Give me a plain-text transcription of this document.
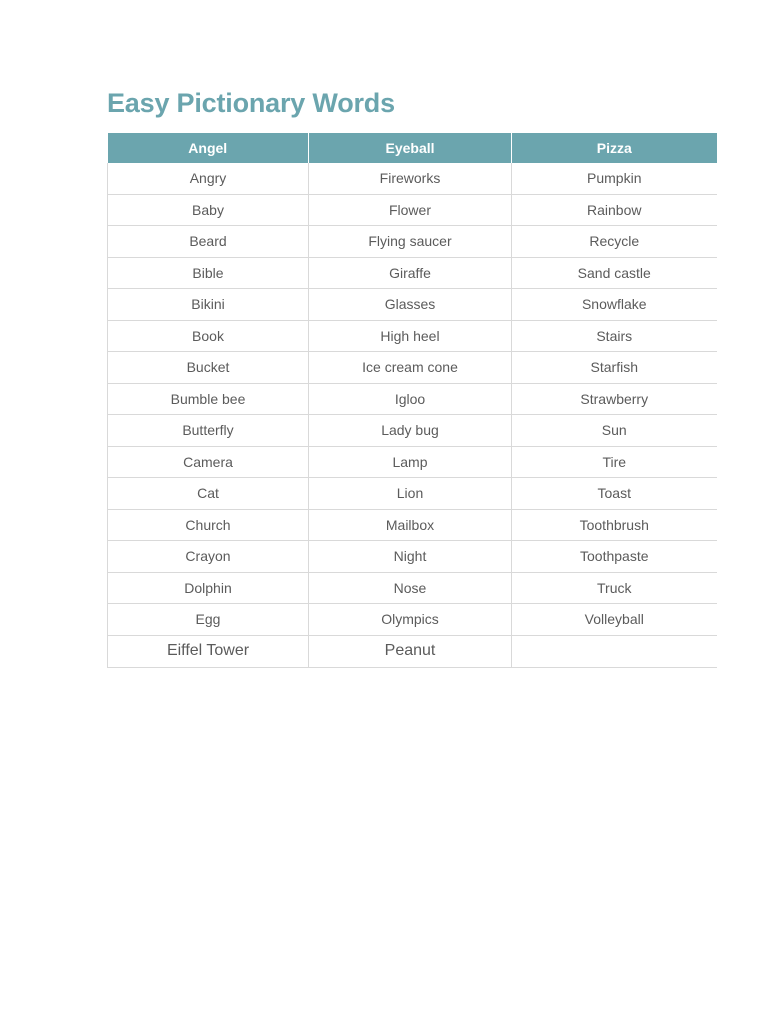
Easy Pictionary Words
Angel	Eyeball	Pizza
Angry	Fireworks	Pumpkin
Baby	Flower	Rainbow
Beard	Flying saucer	Recycle
Bible	Giraffe	Sand castle
Bikini	Glasses	Snowflake
Book	High heel	Stairs
Bucket	Ice cream cone	Starfish
Bumble bee	Igloo	Strawberry
Butterfly	Lady bug	Sun
Camera	Lamp	Tire
Cat	Lion	Toast
Church	Mailbox	Toothbrush
Crayon	Night	Toothpaste
Dolphin	Nose	Truck
Egg	Olympics	Volleyball
Eiffel Tower	Peanut	
